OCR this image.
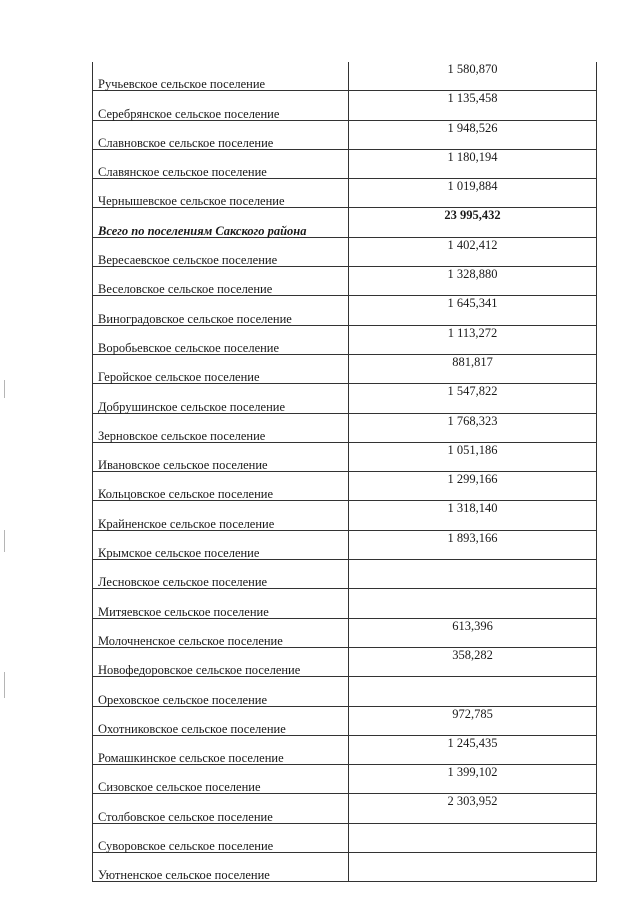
Ручьевское сельское поселение	1 580,870
Серебрянское сельское поселение	1 135,458
Славновское сельское поселение	1 948,526
Славянское сельское поселение	1 180,194
Чернышевское сельское поселение	1 019,884
Всего по поселениям Сакского района	23 995,432
Вересаевское сельское поселение	1 402,412
Веселовское сельское поселение	1 328,880
Виноградовское сельское поселение	1 645,341
Воробьевское сельское поселение	1 113,272
Геройское сельское поселение	881,817
Добрушинское сельское поселение	1 547,822
Зерновское сельское поселение	1 768,323
Ивановское сельское поселение	1 051,186
Кольцовское сельское поселение	1 299,166
Крайненское сельское поселение	1 318,140
Крымское сельское поселение	1 893,166
Лесновское сельское поселение	
Митяевское сельское поселение	
Молочненское сельское поселение	613,396
Новофедоровское сельское поселение	358,282
Ореховское сельское поселение	
Охотниковское сельское поселение	972,785
Ромашкинское сельское поселение	1 245,435
Сизовское сельское поселение	1 399,102
Столбовское сельское поселение	2 303,952
Суворовское сельское поселение	
Уютненское сельское поселение	
